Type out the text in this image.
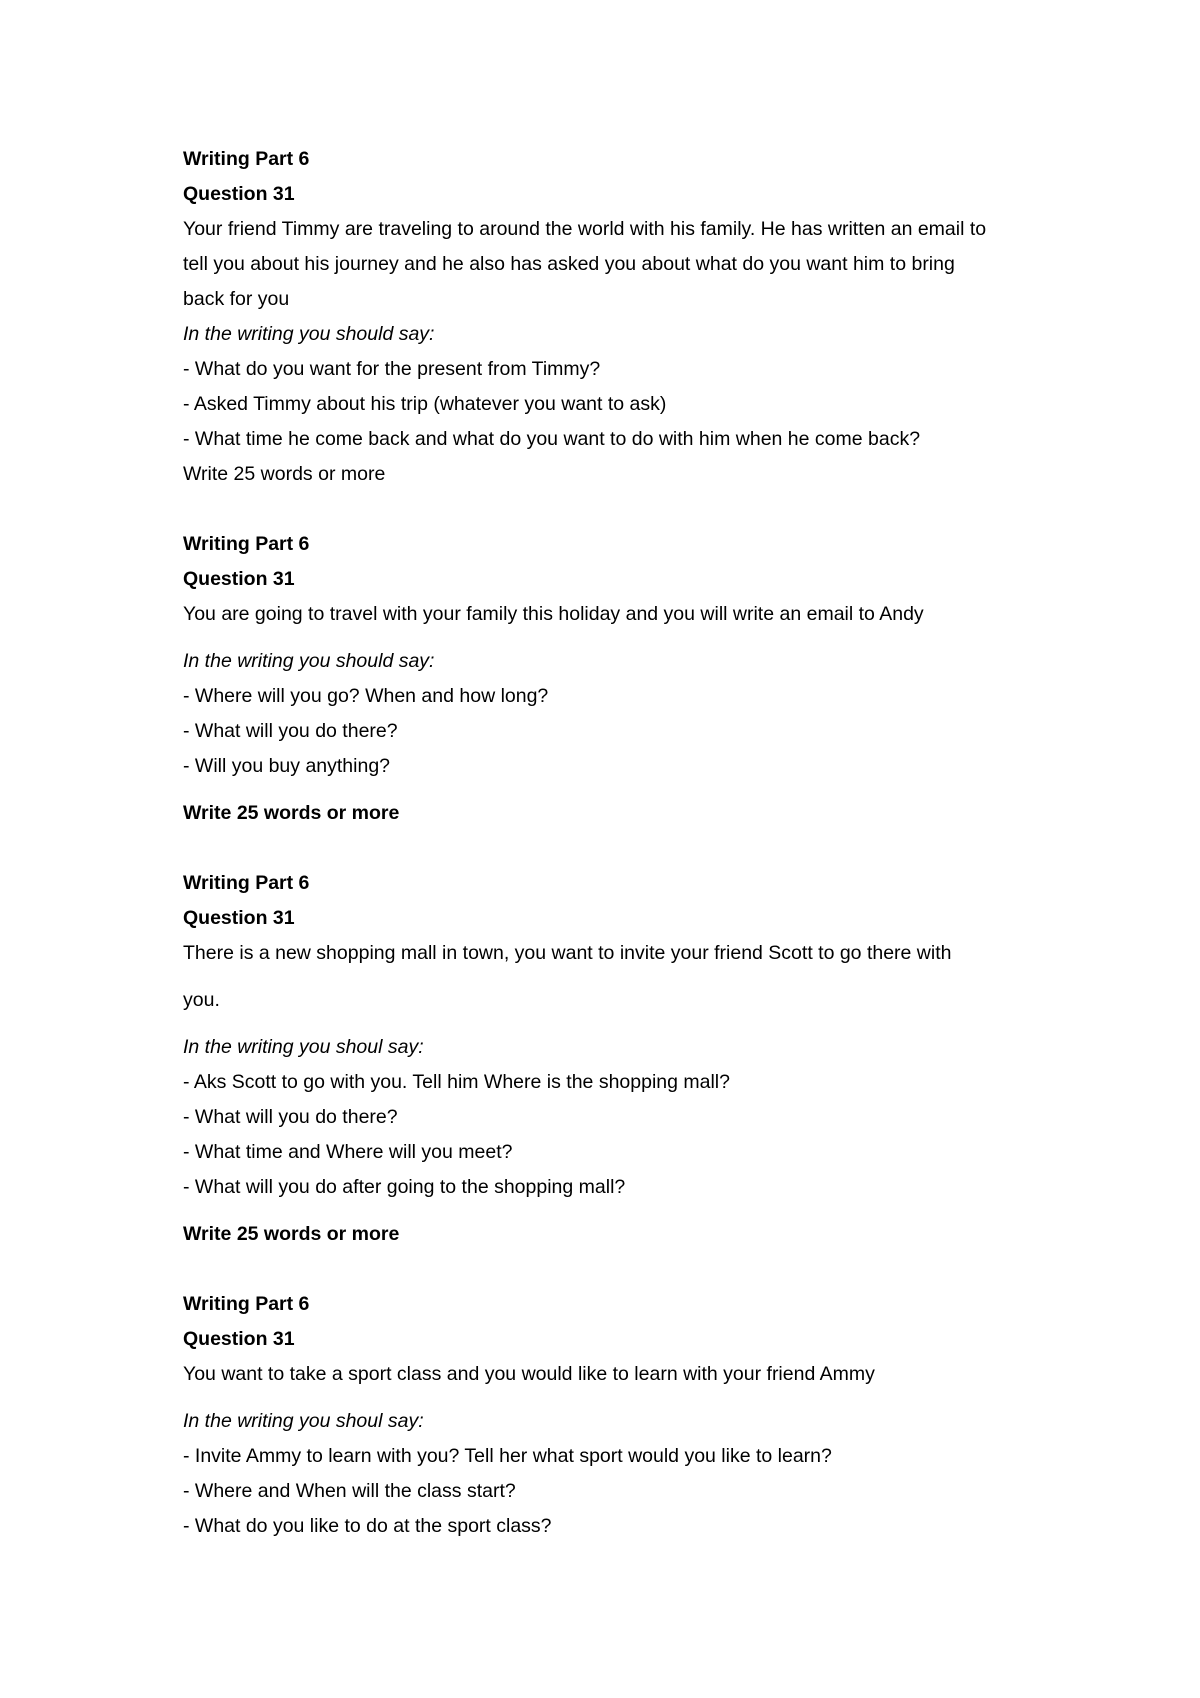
Writing Part 6
Question 31
Your friend Timmy are traveling to around the world with his family. He has written an email to
tell you about his journey and he also has asked you about what do you want him to bring
back for you
In the writing you should say:
- What do you want for the present from Timmy?
- Asked Timmy about his trip (whatever you want to ask)
- What time he come back and what do you want to do with him when he come back?
Write 25 words or more
Writing Part 6
Question 31
You are going to travel with your family this holiday and you will write an email to Andy
In the writing you should say:
- Where will you go? When and how long?
- What will you do there?
- Will you buy anything?
Write 25 words or more
Writing Part 6
Question 31
There is a new shopping mall in town, you want to invite your friend Scott to go there with
you.
In the writing you shoul say:
- Aks Scott to go with you. Tell him Where is the shopping mall?
- What will you do there?
- What time and Where will you meet?
- What will you do after going to the shopping mall?
Write 25 words or more
Writing Part 6
Question 31
You want to take a sport class and you would like to learn with your friend Ammy
In the writing you shoul say:
- Invite Ammy to learn with you? Tell her what sport would you like to learn?
- Where and When will the class start?
- What do you like to do at the sport class?
